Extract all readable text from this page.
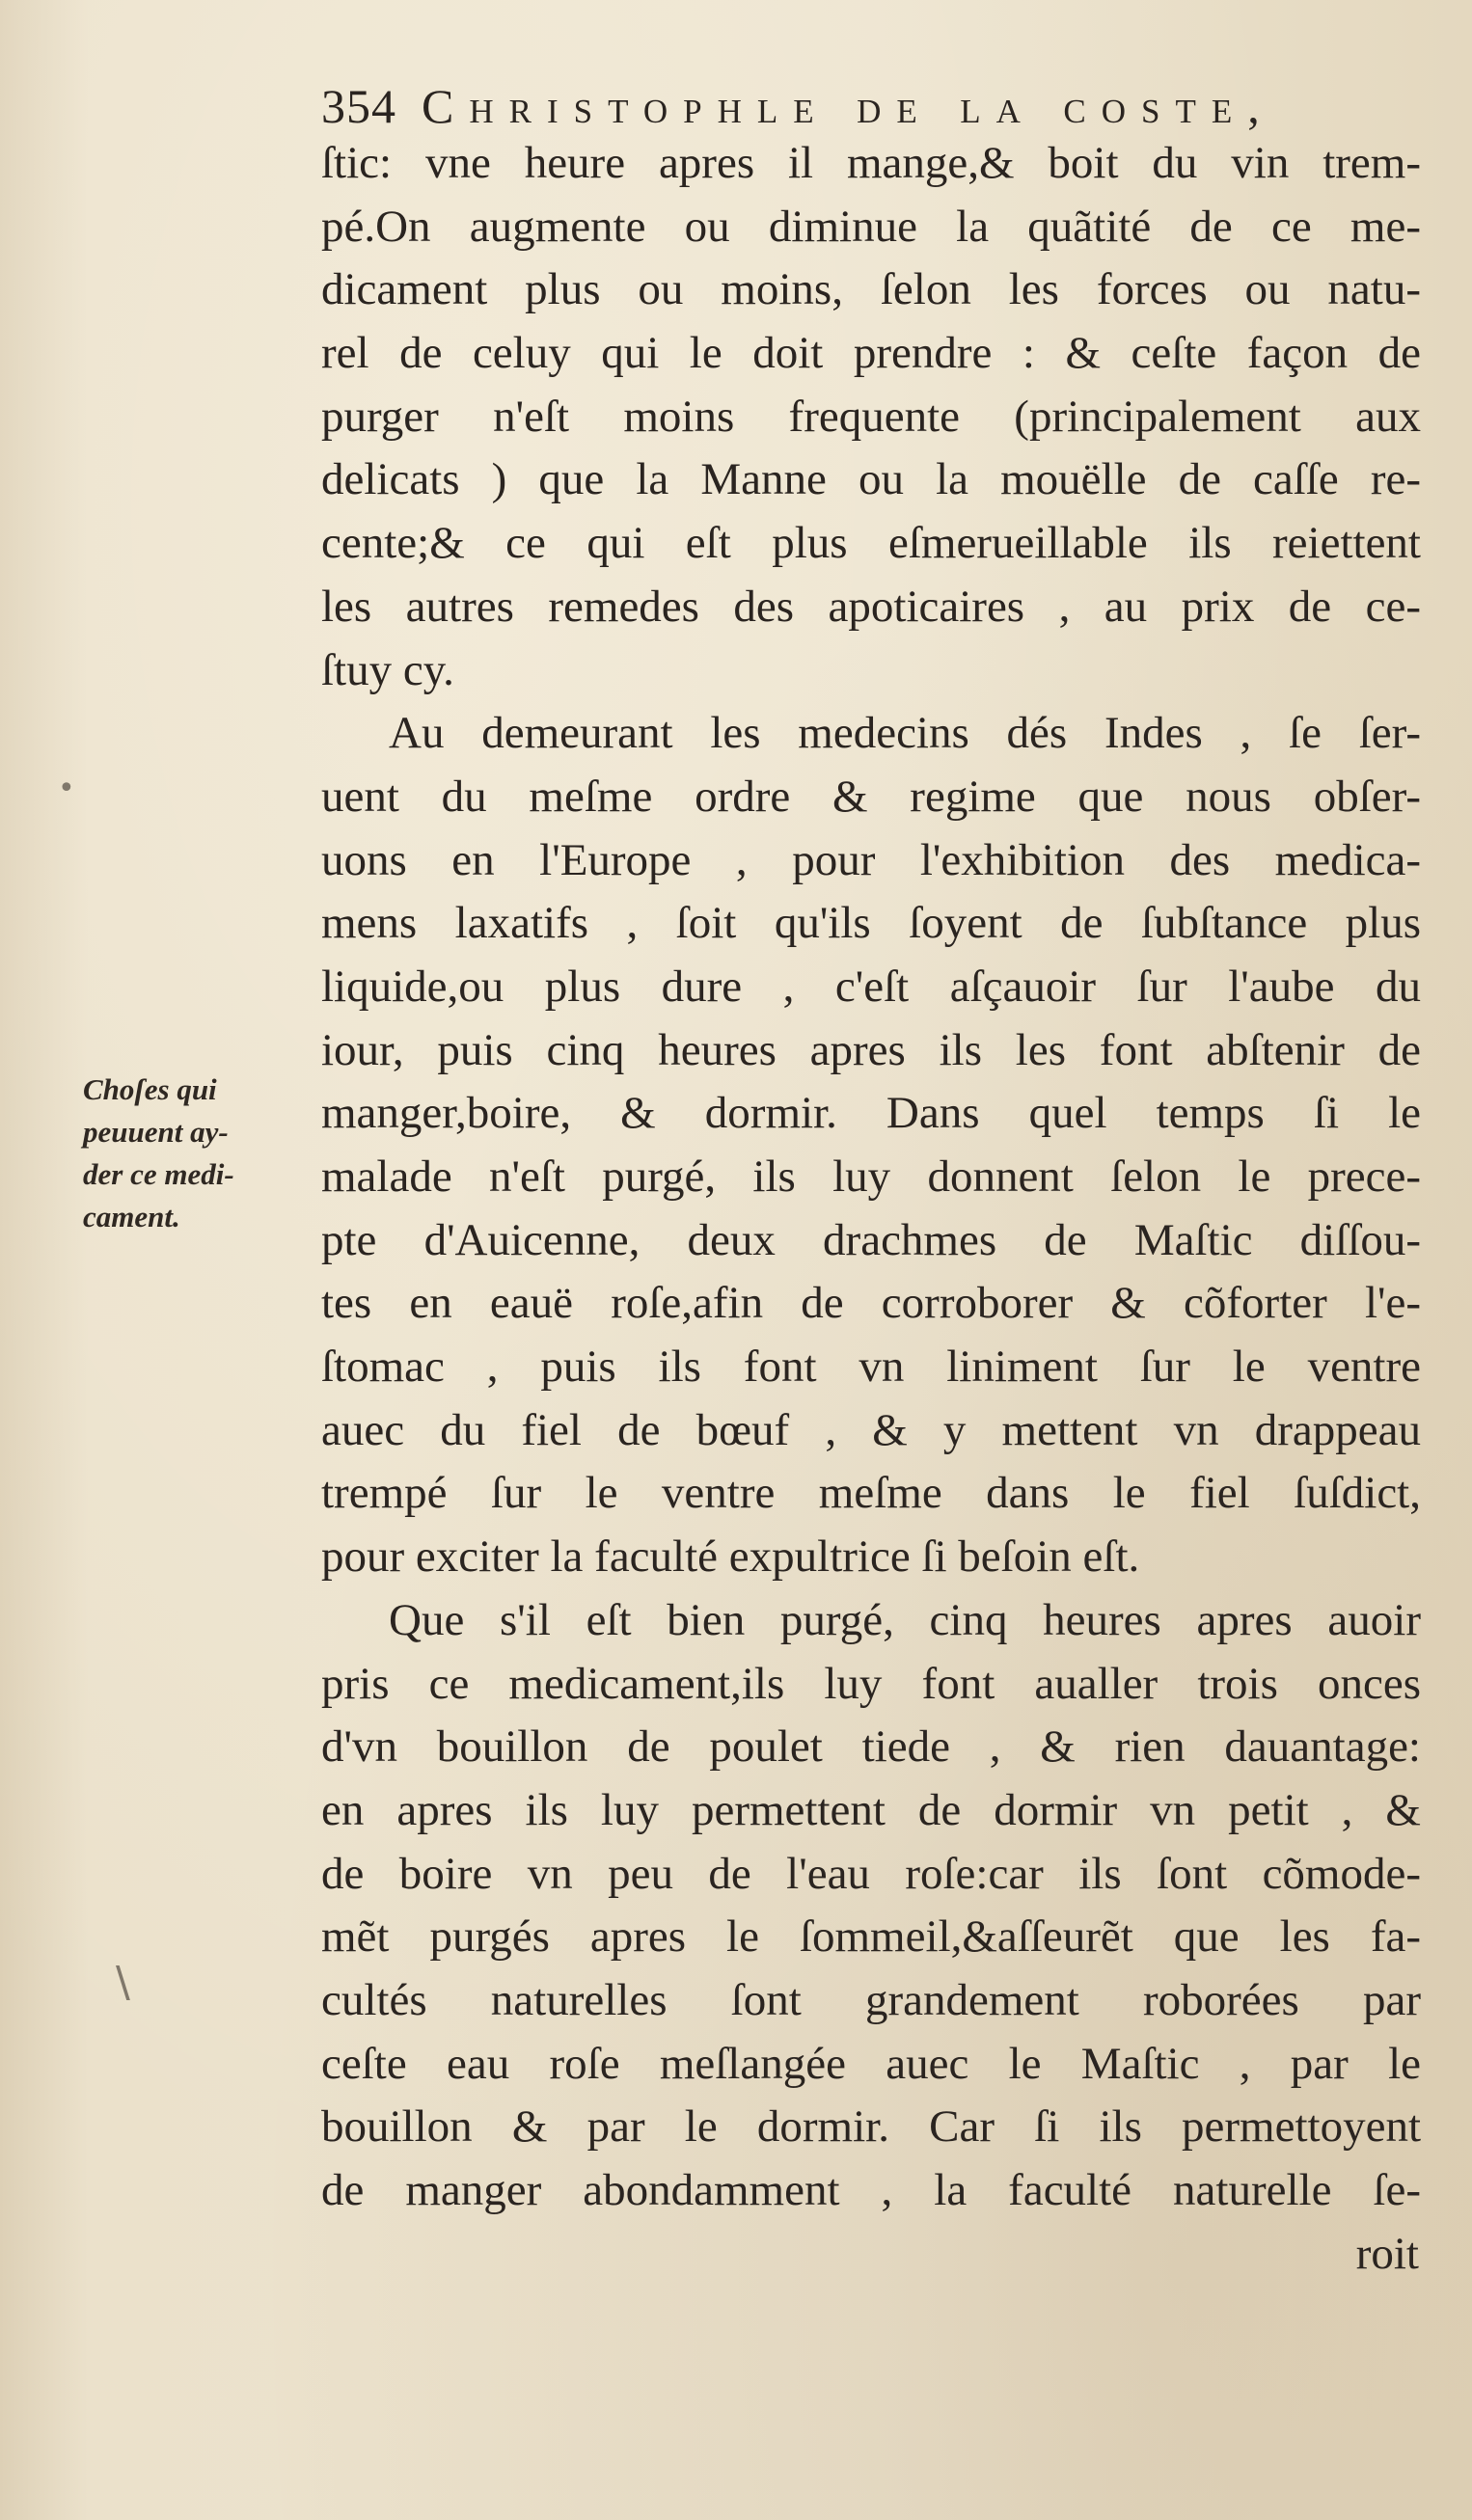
354 Christophle de la coste,
Choſes qui
peuuent ay-
der ce medi-
cament.
ſtic: vne heure apres il mange,& boit du vin trem-
pé.On augmente ou diminue la quãtité de ce me-
dicament plus ou moins, ſelon les forces ou natu-
rel de celuy qui le doit prendre : & ceſte façon de
purger n'eſt moins frequente (principalement aux
delicats ) que la Manne ou la mouëlle de caſſe re-
cente;& ce qui eſt plus eſmerueillable ils reiettent
les autres remedes des apoticaires , au prix de ce-
ſtuy cy.
Au demeurant les medecins dés Indes , ſe ſer-
uent du meſme ordre & regime que nous obſer-
uons en l'Europe , pour l'exhibition des medica-
mens laxatifs , ſoit qu'ils ſoyent de ſubſtance plus
liquide,ou plus dure , c'eſt aſçauoir ſur l'aube du
iour, puis cinq heures apres ils les font abſtenir de
manger,boire, & dormir. Dans quel temps ſi le
malade n'eſt purgé, ils luy donnent ſelon le prece-
pte d'Auicenne, deux drachmes de Maſtic diſſou-
tes en eauë roſe,afin de corroborer & cõforter l'e-
ſtomac , puis ils font vn liniment ſur le ventre
auec du fiel de bœuf , & y mettent vn drappeau
trempé ſur le ventre meſme dans le fiel ſuſdict,
pour exciter la faculté expultrice ſi beſoin eſt.
Que s'il eſt bien purgé, cinq heures apres auoir
pris ce medicament,ils luy font aualler trois onces
d'vn bouillon de poulet tiede , & rien dauantage:
en apres ils luy permettent de dormir vn petit , &
de boire vn peu de l'eau roſe:car ils ſont cõmode-
mẽt purgés apres le ſommeil,&aſſeurẽt que les fa-
cultés naturelles ſont grandement roborées par
ceſte eau roſe meſlangée auec le Maſtic , par le
bouillon & par le dormir. Car ſi ils permettoyent
de manger abondamment , la faculté naturelle ſe-
roit
•
\
